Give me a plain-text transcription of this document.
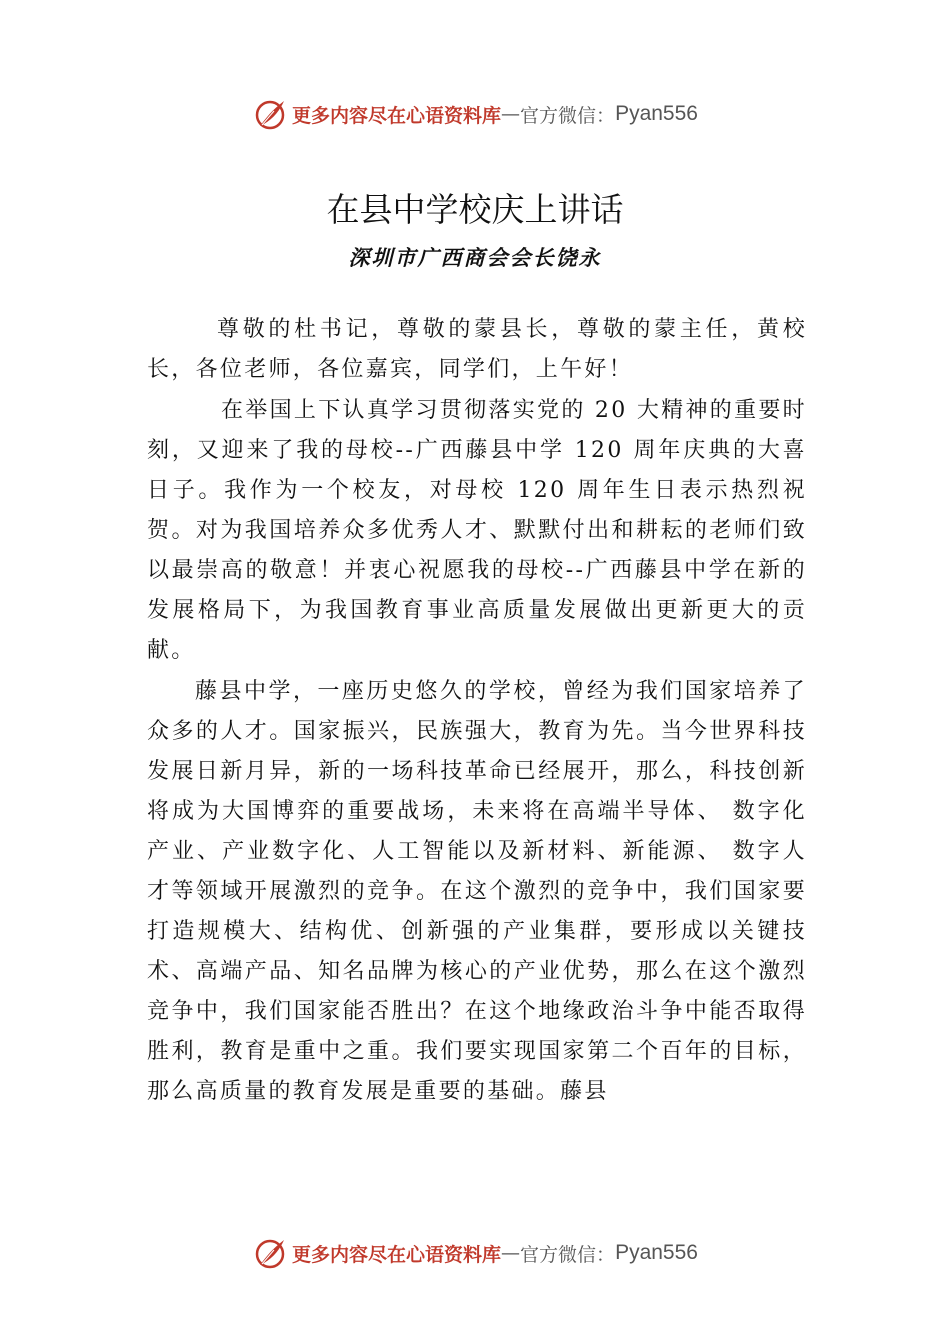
更多内容尽在心语资料库 — 官方微信： Pyan556
在县中学校庆上讲话
深圳市广西商会会长饶永

尊敬的杜书记，尊敬的蒙县长，尊敬的蒙主任，黄校长，各位老师，各位嘉宾，同学们，上午好！

在举国上下认真学习贯彻落实党的 20 大精神的重要时刻，又迎来了我的母校--广西藤县中学 120 周年庆典的大喜日子。我作为一个校友，对母校 120 周年生日表示热烈祝贺。对为我国培养众多优秀人才、默默付出和耕耘的老师们致以最崇高的敬意！并衷心祝愿我的母校--广西藤县中学在新的发展格局下，为我国教育事业高质量发展做出更新更大的贡献。

藤县中学，一座历史悠久的学校，曾经为我们国家培养了众多的人才。国家振兴，民族强大，教育为先。当今世界科技发展日新月异，新的一场科技革命已经展开，那么，科技创新将成为大国博弈的重要战场，未来将在高端半导体、 数字化产业、产业数字化、人工智能以及新材料、新能源、 数字人才等领域开展激烈的竞争。在这个激烈的竞争中，我们国家要打造规模大、结构优、创新强的产业集群，要形成以关键技术、高端产品、知名品牌为核心的产业优势，那么在这个激烈竞争中，我们国家能否胜出？在这个地缘政治斗争中能否取得胜利，教育是重中之重。我们要实现国家第二个百年的目标，那么高质量的教育发展是重要的基础。藤县

更多内容尽在心语资料库 — 官方微信： Pyan556
